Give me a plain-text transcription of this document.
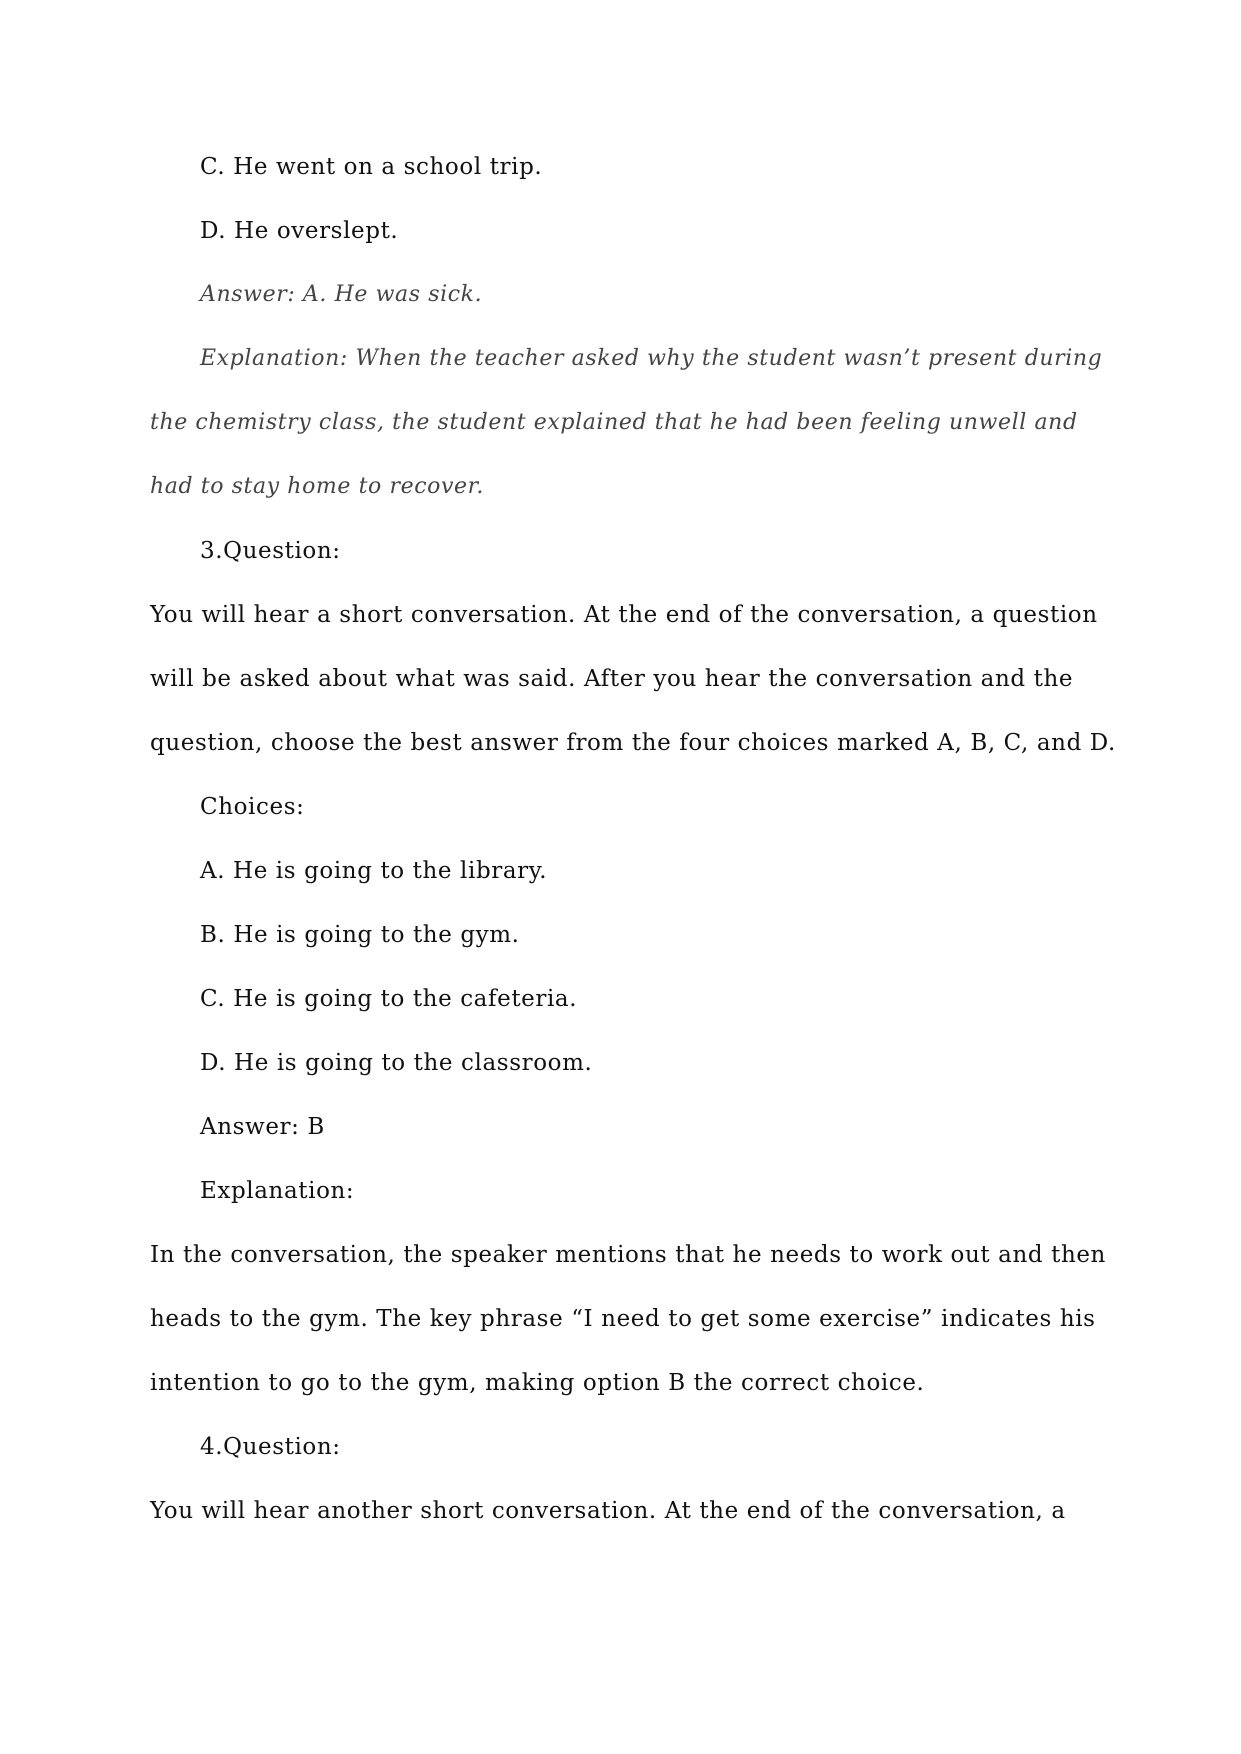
C. He went on a school trip.
D. He overslept.
Answer: A. He was sick.
Explanation: When the teacher asked why the student wasn’t present during
the chemistry class, the student explained that he had been feeling unwell and
had to stay home to recover.
3.Question:
You will hear a short conversation. At the end of the conversation, a question
will be asked about what was said. After you hear the conversation and the
question, choose the best answer from the four choices marked A, B, C, and D.
Choices:
A. He is going to the library.
B. He is going to the gym.
C. He is going to the cafeteria.
D. He is going to the classroom.
Answer: B
Explanation:
In the conversation, the speaker mentions that he needs to work out and then
heads to the gym. The key phrase “I need to get some exercise” indicates his
intention to go to the gym, making option B the correct choice.
4.Question:
You will hear another short conversation. At the end of the conversation, a
